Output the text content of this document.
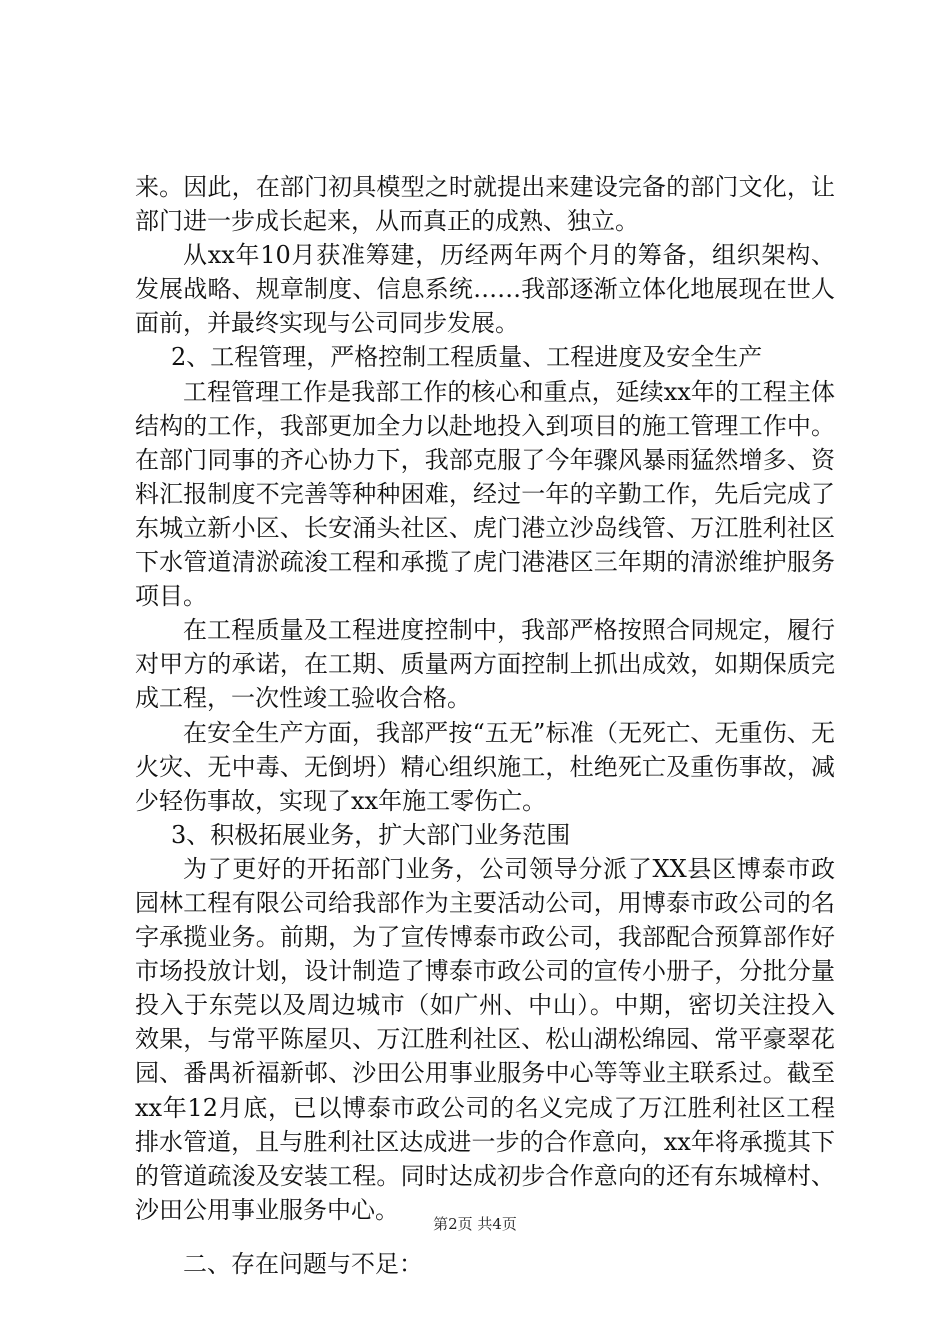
来。因此，在部门初具模型之时就提出来建设完备的部门文化，让部门进一步成长起来，从而真正的成熟、独立。

从xx年10月获准筹建，历经两年两个月的筹备，组织架构、发展战略、规章制度、信息系统……我部逐渐立体化地展现在世人面前，并最终实现与公司同步发展。

2、工程管理，严格控制工程质量、工程进度及安全生产

工程管理工作是我部工作的核心和重点，延续xx年的工程主体结构的工作，我部更加全力以赴地投入到项目的施工管理工作中。在部门同事的齐心协力下，我部克服了今年骤风暴雨猛然增多、资料汇报制度不完善等种种困难，经过一年的辛勤工作，先后完成了东城立新小区、长安涌头社区、虎门港立沙岛线管、万江胜利社区下水管道清淤疏浚工程和承揽了虎门港港区三年期的清淤维护服务项目。

在工程质量及工程进度控制中，我部严格按照合同规定，履行对甲方的承诺，在工期、质量两方面控制上抓出成效，如期保质完成工程，一次性竣工验收合格。

在安全生产方面，我部严按“五无”标准（无死亡、无重伤、无火灾、无中毒、无倒坍）精心组织施工，杜绝死亡及重伤事故，减少轻伤事故，实现了xx年施工零伤亡。

3、积极拓展业务，扩大部门业务范围

为了更好的开拓部门业务，公司领导分派了XX县区博泰市政园林工程有限公司给我部作为主要活动公司，用博泰市政公司的名字承揽业务。前期，为了宣传博泰市政公司，我部配合预算部作好市场投放计划，设计制造了博泰市政公司的宣传小册子，分批分量投入于东莞以及周边城市（如广州、中山）。中期，密切关注投入效果，与常平陈屋贝、万江胜利社区、松山湖松绵园、常平豪翠花园、番禺祈福新邨、沙田公用事业服务中心等等业主联系过。截至xx年12月底，已以博泰市政公司的名义完成了万江胜利社区工程排水管道，且与胜利社区达成进一步的合作意向，xx年将承揽其下的管道疏浚及安装工程。同时达成初步合作意向的还有东城樟村、沙田公用事业服务中心。

二、存在问题与不足：

第2页 共4页
